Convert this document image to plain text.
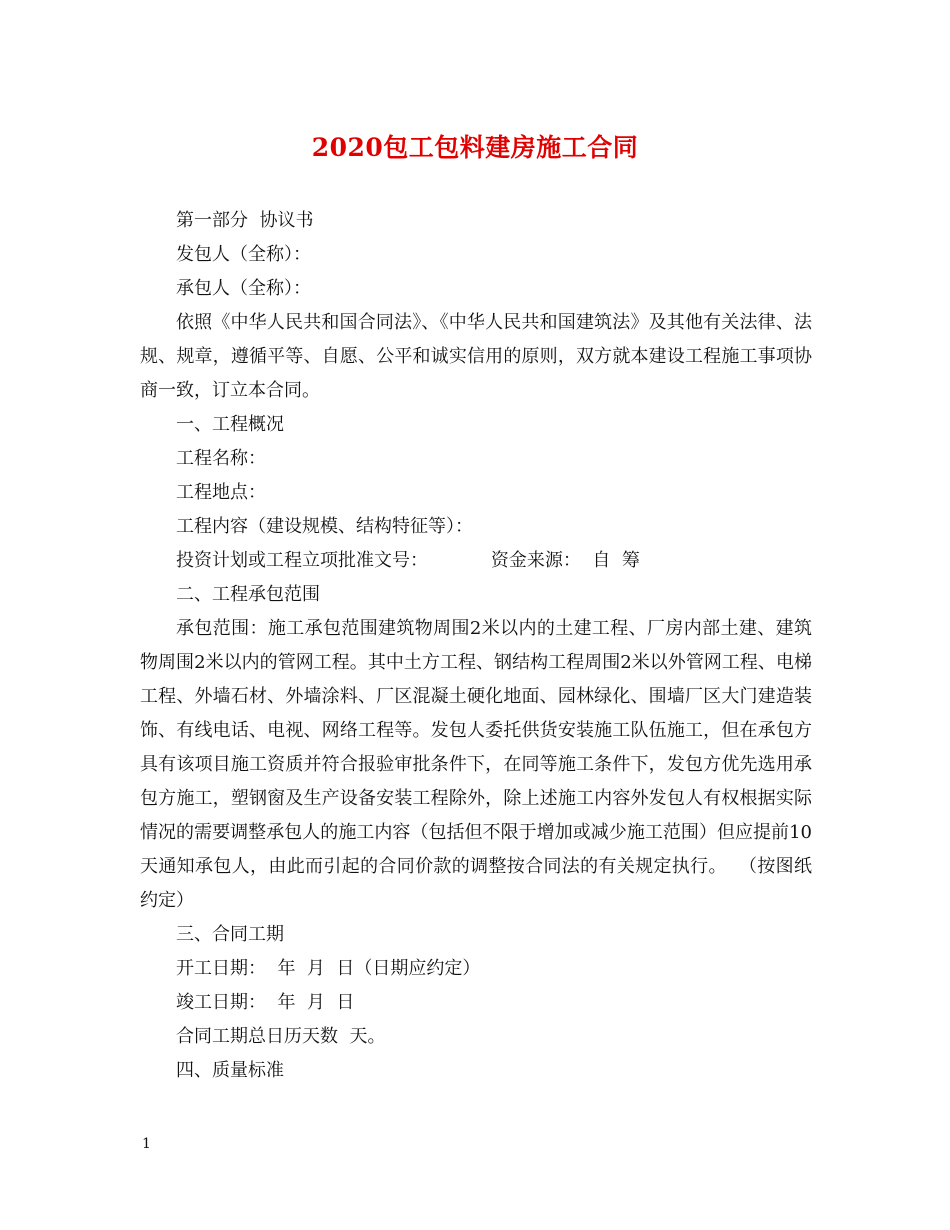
2020包工包料建房施工合同

第一部分  协议书

发包人（全称）：

承包人（全称）：

依照《中华人民共和国合同法》、《中华人民共和国建筑法》及其他有关法律、法规、规章，遵循平等、自愿、公平和诚实信用的原则，双方就本建设工程施工事项协商一致，订立本合同。

一、工程概况

工程名称：

工程地点：

工程内容（建设规模、结构特征等）：

投资计划或工程立项批准文号：           资金来源：  自  筹

二、工程承包范围

承包范围：施工承包范围建筑物周围2米以内的土建工程、厂房内部土建、建筑物周围2米以内的管网工程。其中土方工程、钢结构工程周围2米以外管网工程、电梯工程、外墙石材、外墙涂料、厂区混凝土硬化地面、园林绿化、围墙厂区大门建造装饰、有线电话、电视、网络工程等。发包人委托供货安装施工队伍施工，但在承包方具有该项目施工资质并符合报验审批条件下，在同等施工条件下，发包方优先选用承包方施工，塑钢窗及生产设备安装工程除外，除上述施工内容外发包人有权根据实际情况的需要调整承包人的施工内容（包括但不限于增加或减少施工范围）但应提前10天通知承包人，由此而引起的合同价款的调整按合同法的有关规定执行。  （按图纸约定）

三、合同工期

开工日期：  年  月  日（日期应约定）

竣工日期：  年  月  日

合同工期总日历天数  天。

四、质量标准

1
